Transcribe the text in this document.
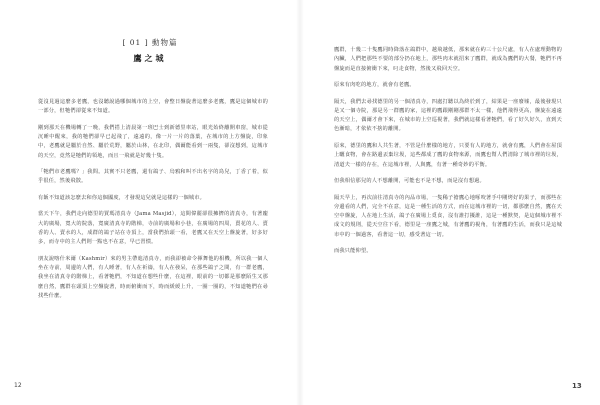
[ 01 ] 動物篇
鷹之城

從沒見過這麼多老鷹，也沒聽說過哪個城市的上空，會整日盤旋著這麼多老鷹，鷹是這個城市的一部分，但牠們卻從來不知道。

剛到那天在機場轉了一晚，我們搭上清晨第一班巴士到新德里車站，眼光始終離開車窗，城市從沉睡中醒來，我的牠們卻早已起飛了，遠遠的，像一片一片的落葉，在城市的上方盤旋，印象中，老鷹就是屬於自然、屬於荒野，屬於山林，在北印，偶爾能看到一兩隻，卻沒想到，這城市的天空，竟然是牠們的領地，而且一飛就是好幾十隻。

「牠們市老鷹嗎？」我問。其實不只老鷹，還有鴿子、烏鴉和叫不出名字的鳥兒，丁香了着，似乎很任，然後飛散。

有飯不知道該怎麼去和你這個國度，才發現這兒就是這樣的一個城市。

當天下午，我們走向德里的賈瑪清真寺（Jama Masjid），這間偉麗卻很擁擠的清真寺，有著龐大的廣場，寬大的院落，寬廣清真寺的階梯，寺前的廣場和小巷，在廣場的四周，賣花的人、賣香的人、賣水的人，成群的鴿子站在寺頂上，當我們抬頭一看，老鷹又在天空上盤旋著，好多好多，而寺中的主人們則一點也不在意，早已習慣。

朋友說喀什米爾（Kashmir）來的男主帶進清真寺，而我卻被命令揮舞他的相機，所以我一個人坐在寺前，周邊的人們，有人睡著，有人在祈禱，有人在發呆，在那些鴿子之間，有一群老鷹，我坐在清真寺的階梯上，看著牠們，不知道在想些什麼，在這裡，眼前的一切都是那麼陌生又那麼自然，鷹群在頭頂上空盤旋著，時而俯衝而下，時而緩緩上升，一圈一圈的，不知道牠們在尋找些什麼。

鷹群，十幾二十隻鷹同時降落在鴿群中，越飛越低，那來就在約三十公尺處，有人在處理動物的內臟，人們把那些不要的部分扔在地上，那些肉末就招來了鷹群，就成為鷹們的大餐，牠們不再盤旋而是直接俯衝下來，叼走食物，然後又飛回天空。

原來有肉吃的地方，就會有老鷹。

隔天，我們去尋找德里的另一個清真寺，四處打聽以為終於到了，結果是一座廢墟，最後發現只是又一個寺院，那是另一群鷹的家，這裡的鷹跟剛剛那群不太一樣，他們飛得更高，盤旋在遠遠的天空上，偶爾才會下來，在城市的上空巡視著，我們就這樣看著牠們，看了好久好久，直到天色漸暗，才依依不捨的離開。

原來，德里的鷹和人共生著，不管是什麼樣的地方，只要有人的地方，就會有鷹，人們會在屋頂上曬食物，會在路邊丟棄垃圾，這些都成了鷹的食物來源，而鷹也幫人們清除了城市裡的垃圾，清道夫一樣的存在，在這城市裡，人與鷹，有著一種奇妙的平衡。

但我相信那兒的人不想離開，可能也不是不想，而是沒有想過。

隔天早上，再次前往清真寺的內品市場，一隻稀子搶鷹心地啄咬著手中剛烤好的果子，而那些在旁邊看的人們，完全不在意，這是一種生活的方式，而在這城市裡的一切，都那麼自然，鷹在天空中盤旋，人在地上生活，鴿子在廣場上覓食，沒有誰打擾誰，這是一種默契，是這個城市裡不成文的規則，從天空往下看，德里是一座鷹之城，有著鷹的視角，有著鷹的生活，而我只是這城市中的一個過客，看著這一切，感受著這一切。

而我只能仰望。

12	13
